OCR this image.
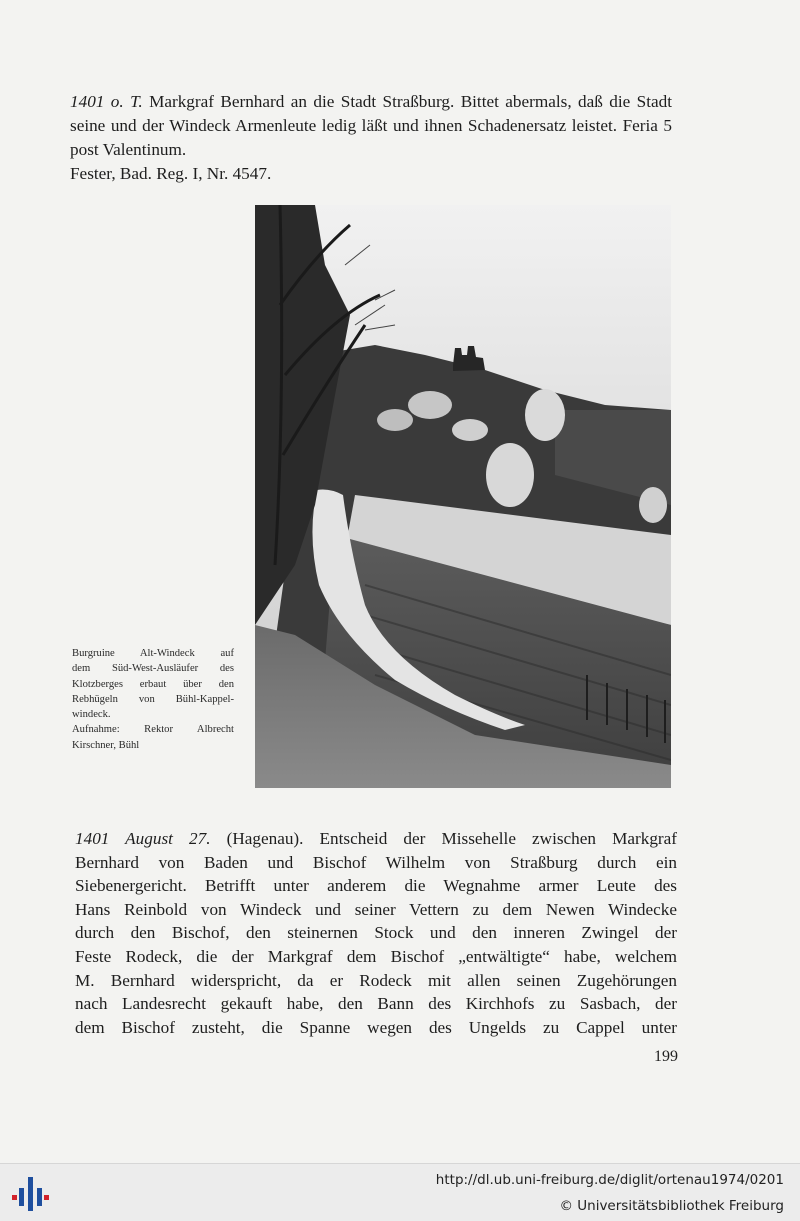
1401 o. T. Markgraf Bernhard an die Stadt Straßburg. Bittet abermals, daß die Stadt seine und der Windeck Armenleute ledig läßt und ihnen Schadenersatz leistet. Feria 5 post Valentinum.

Fester, Bad. Reg. I, Nr. 4547.

Burgruine Alt-Windeck auf
dem Süd-West-Ausläufer des
Klotzberges erbaut über den
Rebhügeln von Bühl-Kappel-
windeck.
Aufnahme: Rektor Albrecht
Kirschner, Bühl
1401 August 27. (Hagenau). Entscheid der Missehelle zwischen Markgraf
Bernhard von Baden und Bischof Wilhelm von Straßburg durch ein
Siebenergericht. Betrifft unter anderem die Wegnahme armer Leute des
Hans Reinbold von Windeck und seiner Vettern zu dem Newen Windecke
durch den Bischof, den steinernen Stock und den inneren Zwingel der
Feste Rodeck, die der Markgraf dem Bischof „entwältigte“ habe, welchem
M. Bernhard widerspricht, da er Rodeck mit allen seinen Zugehörungen
nach Landesrecht gekauft habe, den Bann des Kirchhofs zu Sasbach, der
dem Bischof zusteht, die Spanne wegen des Ungelds zu Cappel unter
199
http://dl.ub.uni-freiburg.de/diglit/ortenau1974/0201
© Universitätsbibliothek Freiburg
